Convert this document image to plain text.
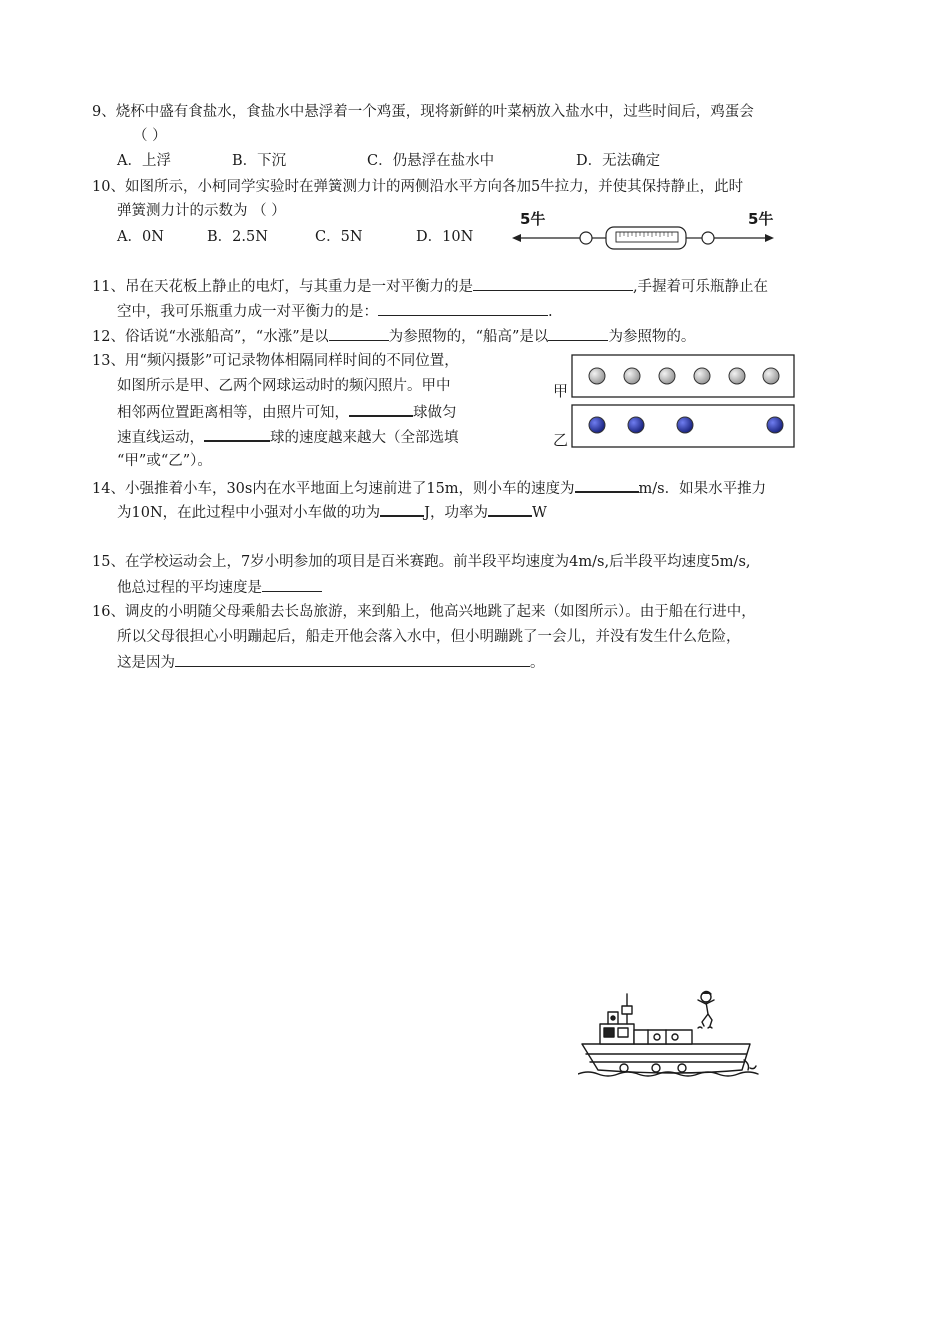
9、烧杯中盛有食盐水，食盐水中悬浮着一个鸡蛋，现将新鲜的叶菜柄放入盐水中，过些时间后，鸡蛋会
（ ）
A．上浮	B．下沉	C．仍悬浮在盐水中	D．无法确定
10、如图所示，小柯同学实验时在弹簧测力计的两侧沿水平方向各加5牛拉力，并使其保持静止，此时
弹簧测力计的示数为 （ ）
A．0N	B．2.5N	C．5N	D．10N
5牛	5牛
11、吊在天花板上静止的电灯，与其重力是一对平衡力的是	,手握着可乐瓶静止在
空中，我可乐瓶重力成一对平衡力的是：	.
12、俗话说“水涨船高”，“水涨”是以	为参照物的，“船高”是以	为参照物的。
13、用“频闪摄影”可记录物体相隔同样时间的不同位置，
如图所示是甲、乙两个网球运动时的频闪照片。甲中
相邻两位置距离相等，由照片可知，	球做匀
速直线运动，	球的速度越来越大（全部选填
“甲”或“乙”）。
甲
乙
14、小强推着小车，30s内在水平地面上匀速前进了15m，则小车的速度为	m/s．如果水平推力
为10N，在此过程中小强对小车做的功为	J，功率为	W
15、在学校运动会上，7岁小明参加的项目是百米赛跑。前半段平均速度为4m/s,后半段平均速度5m/s,
他总过程的平均速度是
16、调皮的小明随父母乘船去长岛旅游，来到船上，他高兴地跳了起来（如图所示）。由于船在行进中，
所以父母很担心小明蹦起后，船走开他会落入水中，但小明蹦跳了一会儿，并没有发生什么危险，
这是因为	。
